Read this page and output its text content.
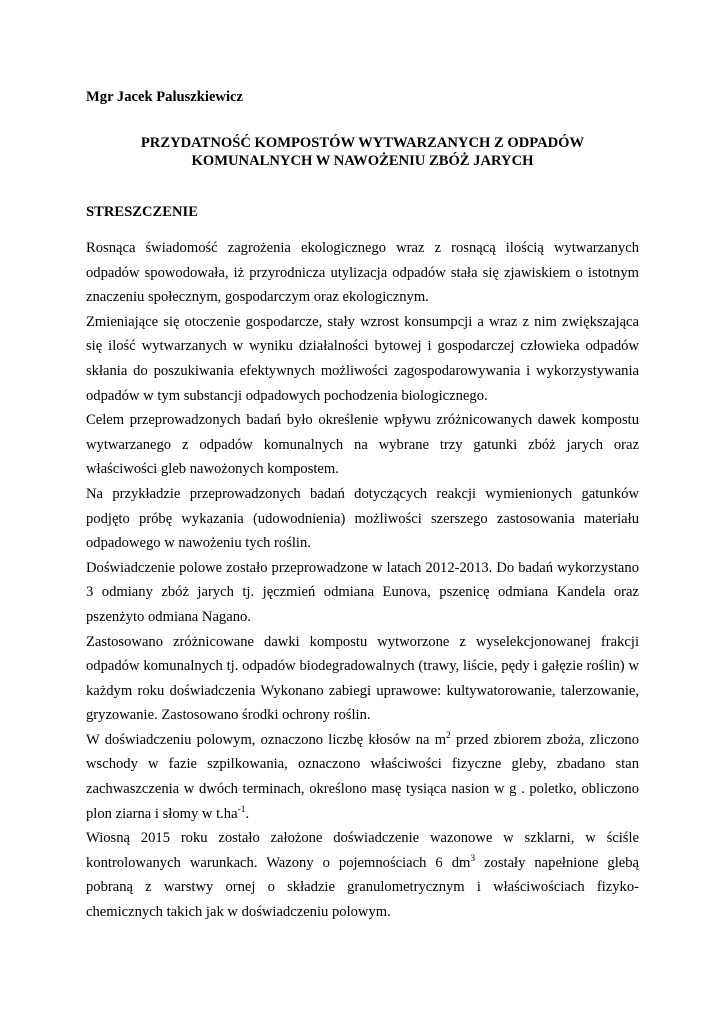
Mgr Jacek Paluszkiewicz
PRZYDATNOŚĆ KOMPOSTÓW WYTWARZANYCH Z ODPADÓW
KOMUNALNYCH W NAWOŻENIU ZBÓŻ JARYCH
STRESZCZENIE

Rosnąca świadomość zagrożenia ekologicznego wraz z rosnącą ilością wytwarzanych odpadów spowodowała, iż przyrodnicza utylizacja odpadów stała się zjawiskiem o istotnym znaczeniu społecznym, gospodarczym oraz ekologicznym.

Zmieniające się otoczenie gospodarcze, stały wzrost konsumpcji a wraz z nim zwiększająca się ilość wytwarzanych w wyniku działalności bytowej i gospodarczej człowieka odpadów skłania do poszukiwania efektywnych możliwości zagospodarowywania i wykorzystywania odpadów w tym substancji odpadowych pochodzenia biologicznego.

Celem przeprowadzonych badań było określenie wpływu zróżnicowanych dawek kompostu wytwarzanego z odpadów komunalnych na wybrane trzy gatunki zbóż jarych oraz właściwości gleb nawożonych kompostem.

Na przykładzie przeprowadzonych badań dotyczących reakcji wymienionych gatunków podjęto próbę wykazania (udowodnienia) możliwości szerszego zastosowania materiału odpadowego w nawożeniu tych roślin.

Doświadczenie polowe zostało przeprowadzone w latach 2012-2013. Do badań wykorzystano 3 odmiany zbóż jarych tj. jęczmień odmiana Eunova, pszenicę odmiana Kandela oraz pszenżyto odmiana Nagano.

Zastosowano zróżnicowane dawki kompostu wytworzone z wyselekcjonowanej frakcji odpadów komunalnych tj. odpadów biodegradowalnych (trawy, liście, pędy i gałęzie roślin) w każdym roku doświadczenia Wykonano zabiegi uprawowe: kultywatorowanie, talerzowanie, gryzowanie. Zastosowano środki ochrony roślin.

W doświadczeniu polowym, oznaczono liczbę kłosów na $m^2$ przed zbiorem zboża, zliczono wschody w fazie szpilkowania, oznaczono właściwości fizyczne gleby, zbadano stan zachwaszczenia w dwóch terminach, określono masę tysiąca nasion w g . poletko, obliczono plon ziarna i słomy w $t.ha^{-1}$.

Wiosną 2015 roku zostało założone doświadczenie wazonowe w szklarni, w ściśle kontrolowanych warunkach. Wazony o pojemnościach 6 $dm^3$ zostały napełnione glebą pobraną z warstwy ornej o składzie granulometrycznym i właściwościach fizyko-chemicznych takich jak w doświadczeniu polowym.
